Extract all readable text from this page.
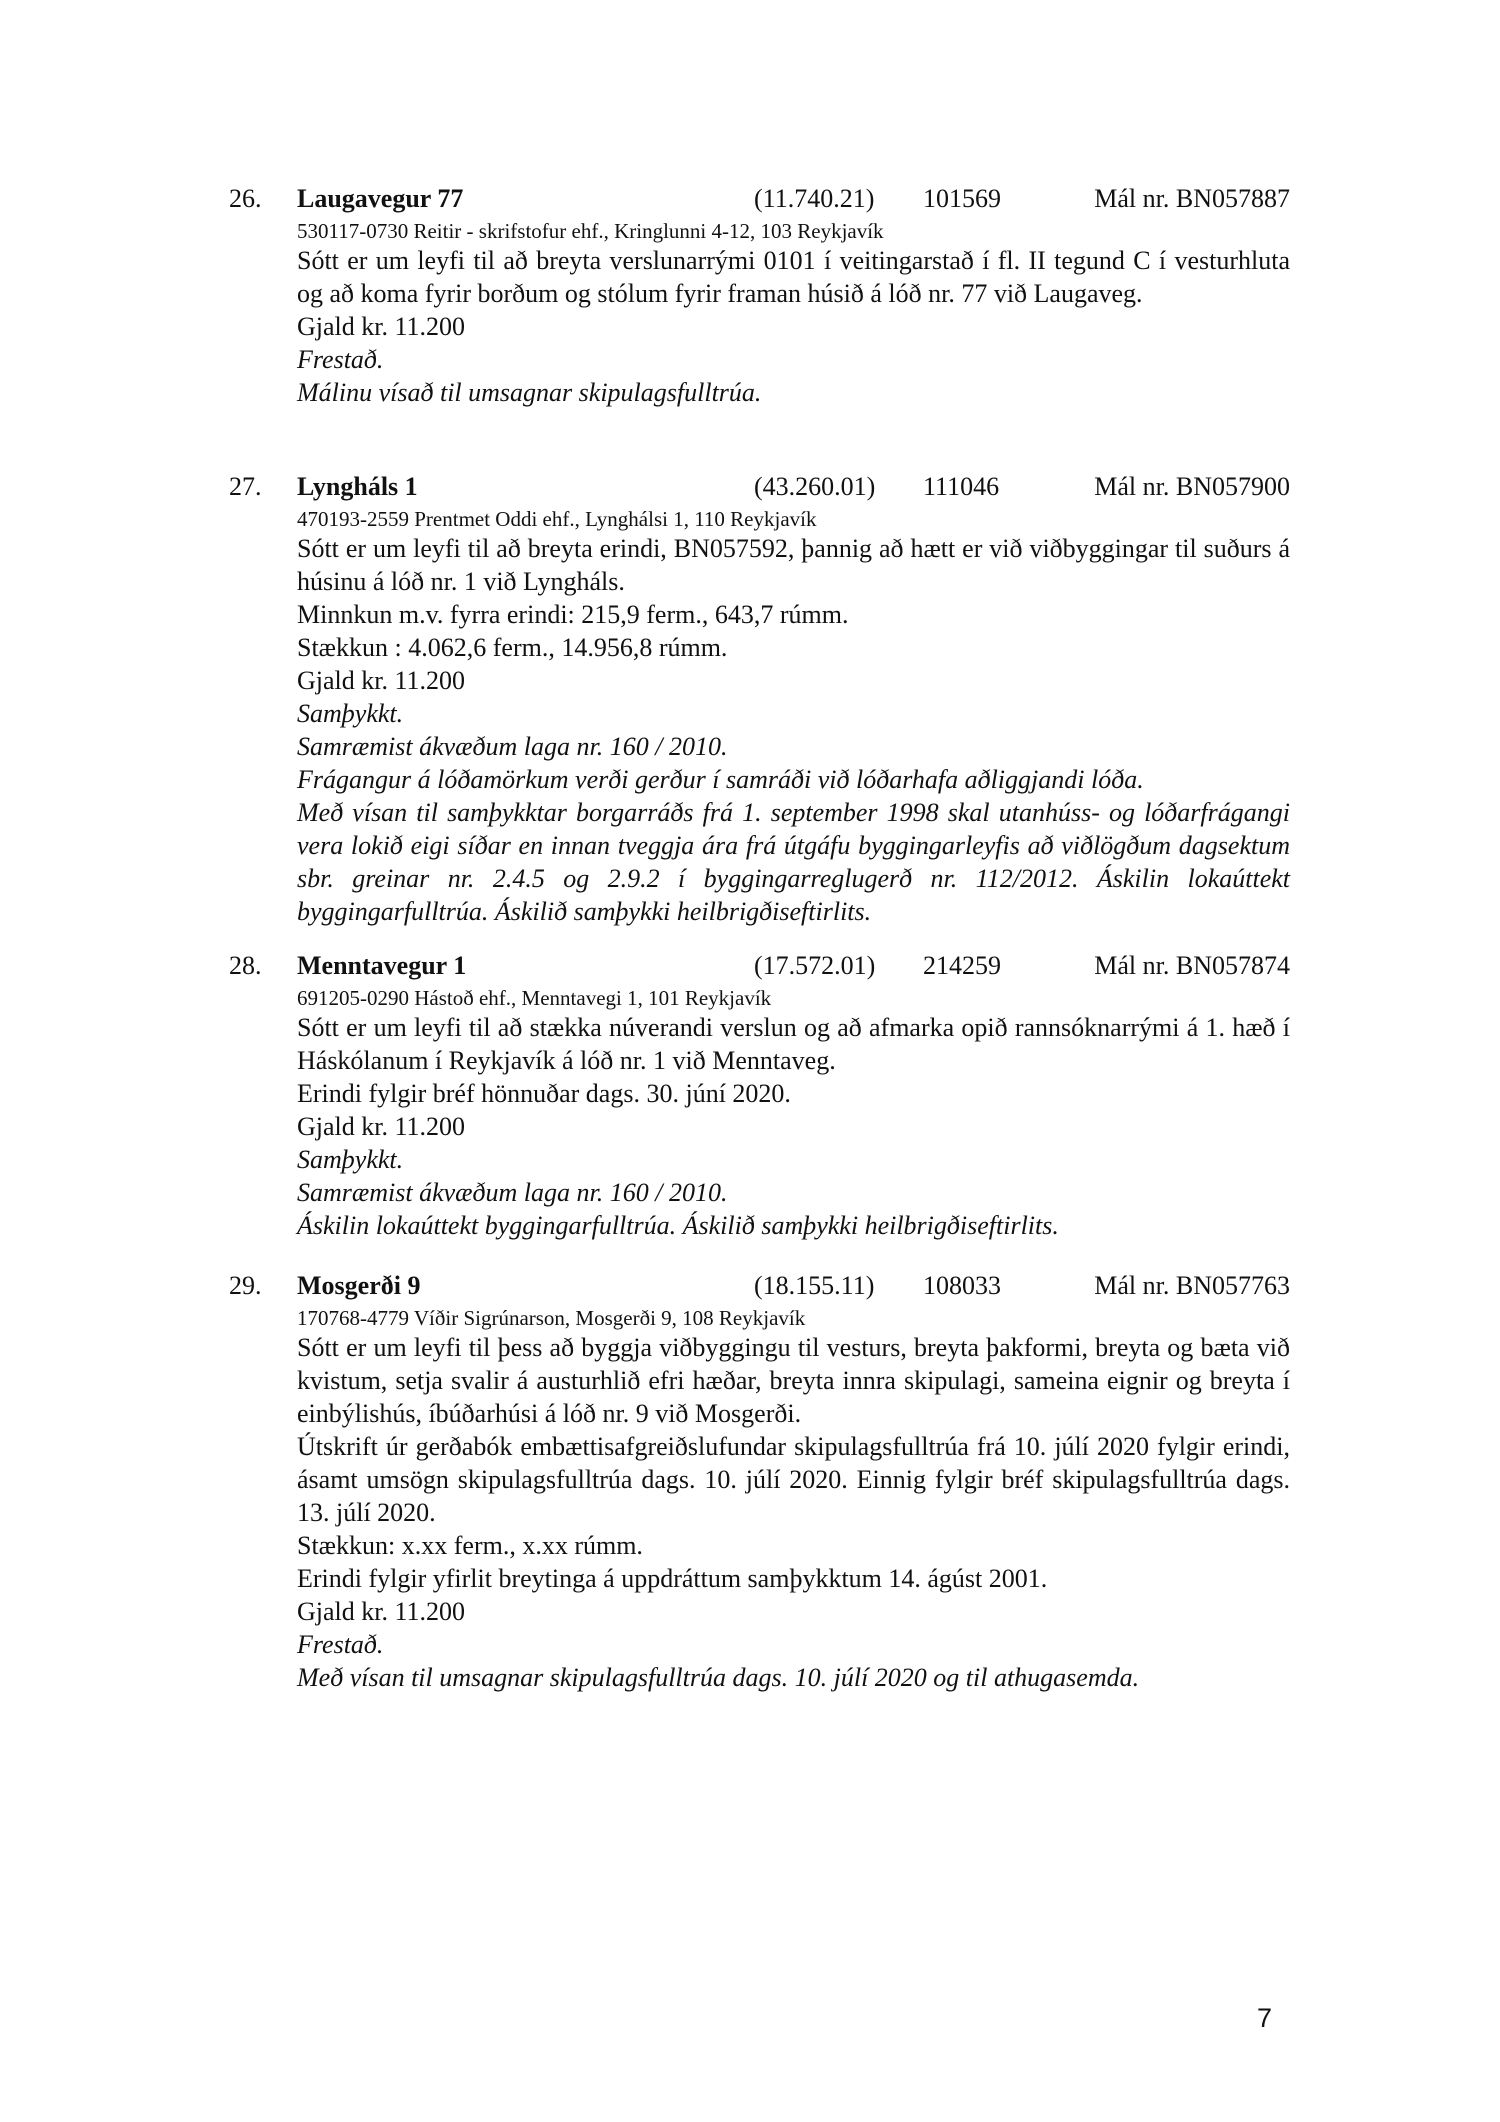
26. Laugavegur 77	(11.740.21) 101569	Mál nr. BN057887
530117-0730 Reitir - skrifstofur ehf., Kringlunni 4-12, 103 Reykjavík
Sótt er um leyfi til að breyta verslunarrými 0101 í veitingarstað í fl. II tegund C í vesturhluta og að koma fyrir borðum og stólum fyrir framan húsið á lóð nr. 77 við Laugaveg.
Gjald kr. 11.200
Frestað.
Málinu vísað til umsagnar skipulagsfulltrúa.
27. Lyngháls 1	(43.260.01) 111046	Mál nr. BN057900
470193-2559 Prentmet Oddi ehf., Lynghálsi 1, 110 Reykjavík
Sótt er um leyfi til að breyta erindi, BN057592, þannig að hætt er við viðbyggingar til suðurs á húsinu á lóð nr. 1 við Lyngháls.
Minnkun m.v. fyrra erindi: 215,9 ferm., 643,7 rúmm.
Stækkun : 4.062,6 ferm., 14.956,8 rúmm.
Gjald kr. 11.200
Samþykkt.
Samræmist ákvæðum laga nr. 160 / 2010.
Frágangur á lóðamörkum verði gerður í samráði við lóðarhafa aðliggjandi lóða.
Með vísan til samþykktar borgarráðs frá 1. september 1998 skal utanhúss- og lóðarfrágangi vera lokið eigi síðar en innan tveggja ára frá útgáfu byggingarleyfis að viðlögðum dagsektum sbr. greinar nr. 2.4.5 og 2.9.2 í byggingarreglugerð nr. 112/2012. Áskilin lokaúttekt byggingarfulltrúa. Áskilið samþykki heilbrigðiseftirlits.
28. Menntavegur 1	(17.572.01) 214259	Mál nr. BN057874
691205-0290 Hástoð ehf., Menntavegi 1, 101 Reykjavík
Sótt er um leyfi til að stækka núverandi verslun og að afmarka opið rannsóknarrými á 1. hæð í Háskólanum í Reykjavík á lóð nr. 1 við Menntaveg.
Erindi fylgir bréf hönnuðar dags. 30. júní 2020.
Gjald kr. 11.200
Samþykkt.
Samræmist ákvæðum laga nr. 160 / 2010.
Áskilin lokaúttekt byggingarfulltrúa. Áskilið samþykki heilbrigðiseftirlits.
29. Mosgerði 9	(18.155.11) 108033	Mál nr. BN057763
170768-4779 Víðir Sigrúnarson, Mosgerði 9, 108 Reykjavík
Sótt er um leyfi til þess að byggja viðbyggingu til vesturs, breyta þakformi, breyta og bæta við kvistum, setja svalir á austurhlið efri hæðar, breyta innra skipulagi, sameina eignir og breyta í einbýlishús, íbúðarhúsi á lóð nr. 9 við Mosgerði.
Útskrift úr gerðabók embættisafgreiðslufundar skipulagsfulltrúa frá 10. júlí 2020 fylgir erindi, ásamt umsögn skipulagsfulltrúa dags. 10. júlí 2020. Einnig fylgir bréf skipulagsfulltrúa dags. 13. júlí 2020.
Stækkun: x.xx ferm., x.xx rúmm.
Erindi fylgir yfirlit breytinga á uppdráttum samþykktum 14. ágúst 2001.
Gjald kr. 11.200
Frestað.
Með vísan til umsagnar skipulagsfulltrúa dags. 10. júlí 2020 og til athugasemda.
7
